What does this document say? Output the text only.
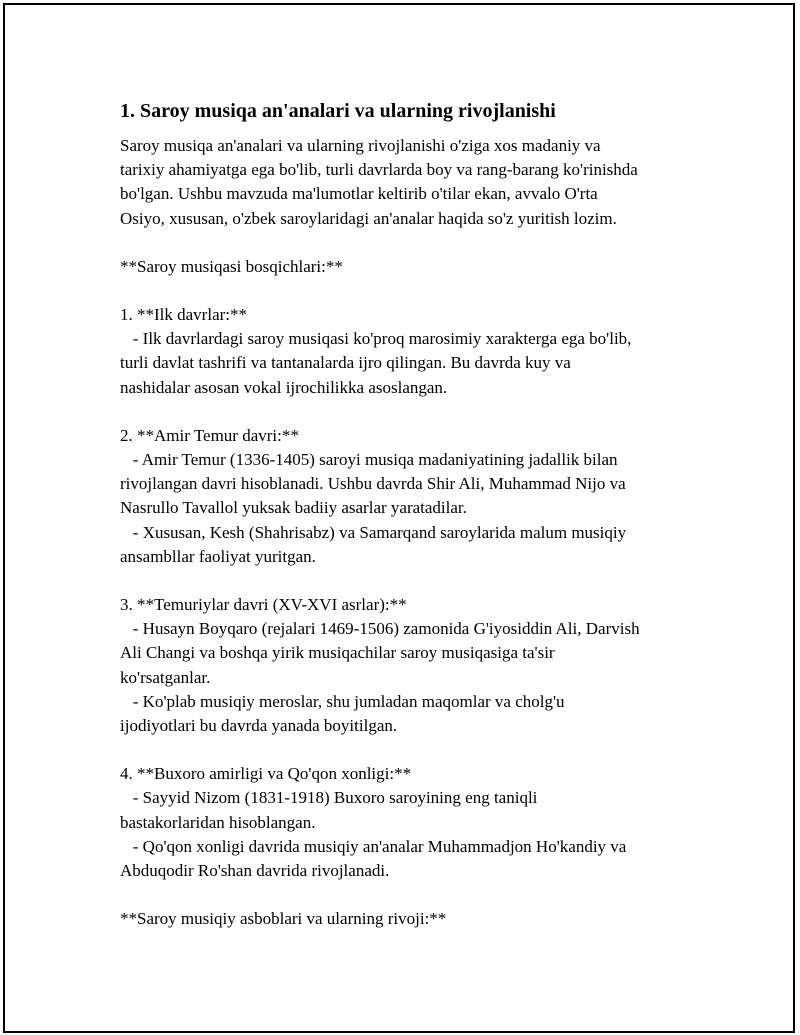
1. Saroy musiqa an'analari va ularning rivojlanishi

Saroy musiqa an'analari va ularning rivojlanishi o'ziga xos madaniy va
tarixiy ahamiyatga ega bo'lib, turli davrlarda boy va rang-barang ko'rinishda
bo'lgan. Ushbu mavzuda ma'lumotlar keltirib o'tilar ekan, avvalo O'rta
Osiyo, xususan, o'zbek saroylaridagi an'analar haqida so'z yuritish lozim.

**Saroy musiqasi bosqichlari:**

1. **Ilk davrlar:**
- Ilk davrlardagi saroy musiqasi ko'proq marosimiy xarakterga ega bo'lib,
turli davlat tashrifi va tantanalarda ijro qilingan. Bu davrda kuy va
nashidalar asosan vokal ijrochilikka asoslangan.

2. **Amir Temur davri:**
- Amir Temur (1336-1405) saroyi musiqa madaniyatining jadallik bilan
rivojlangan davri hisoblanadi. Ushbu davrda Shir Ali, Muhammad Nijo va
Nasrullo Tavallol yuksak badiiy asarlar yaratadilar.
- Xususan, Kesh (Shahrisabz) va Samarqand saroylarida malum musiqiy
ansambllar faoliyat yuritgan.

3. **Temuriylar davri (XV-XVI asrlar):**
- Husayn Boyqaro (rejalari 1469-1506) zamonida G'iyosiddin Ali, Darvish
Ali Changi va boshqa yirik musiqachilar saroy musiqasiga ta'sir
ko'rsatganlar.
- Ko'plab musiqiy meroslar, shu jumladan maqomlar va cholg'u
ijodiyotlari bu davrda yanada boyitilgan.

4. **Buxoro amirligi va Qo'qon xonligi:**
- Sayyid Nizom (1831-1918) Buxoro saroyining eng taniqli
bastakorlaridan hisoblangan.
- Qo'qon xonligi davrida musiqiy an'analar Muhammadjon Ho'kandiy va
Abduqodir Ro'shan davrida rivojlanadi.

**Saroy musiqiy asboblari va ularning rivoji:**
